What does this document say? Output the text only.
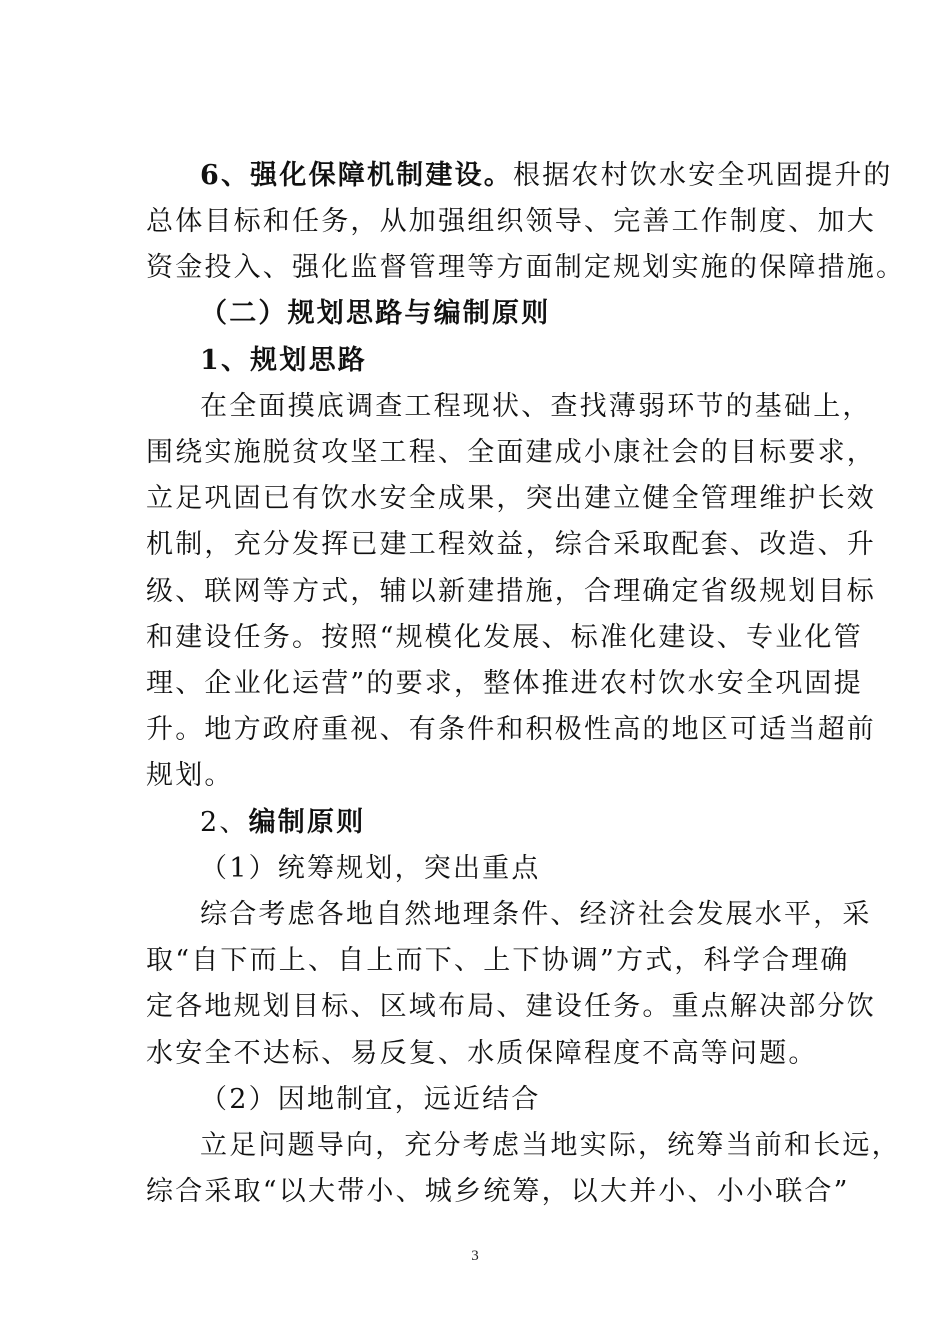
6、强化保障机制建设。根据农村饮水安全巩固提升的
总体目标和任务，从加强组织领导、完善工作制度、加大
资金投入、强化监督管理等方面制定规划实施的保障措施。
（二）规划思路与编制原则
1、规划思路
在全面摸底调查工程现状、查找薄弱环节的基础上，
围绕实施脱贫攻坚工程、全面建成小康社会的目标要求，
立足巩固已有饮水安全成果，突出建立健全管理维护长效
机制，充分发挥已建工程效益，综合采取配套、改造、升
级、联网等方式，辅以新建措施，合理确定省级规划目标
和建设任务。按照“规模化发展、标准化建设、专业化管
理、企业化运营”的要求，整体推进农村饮水安全巩固提
升。地方政府重视、有条件和积极性高的地区可适当超前
规划。
2、编制原则
（1）统筹规划，突出重点
综合考虑各地自然地理条件、经济社会发展水平，采
取“自下而上、自上而下、上下协调”方式，科学合理确
定各地规划目标、区域布局、建设任务。重点解决部分饮
水安全不达标、易反复、水质保障程度不高等问题。
（2）因地制宜，远近结合
立足问题导向，充分考虑当地实际，统筹当前和长远，
综合采取“以大带小、城乡统筹，以大并小、小小联合”
3
